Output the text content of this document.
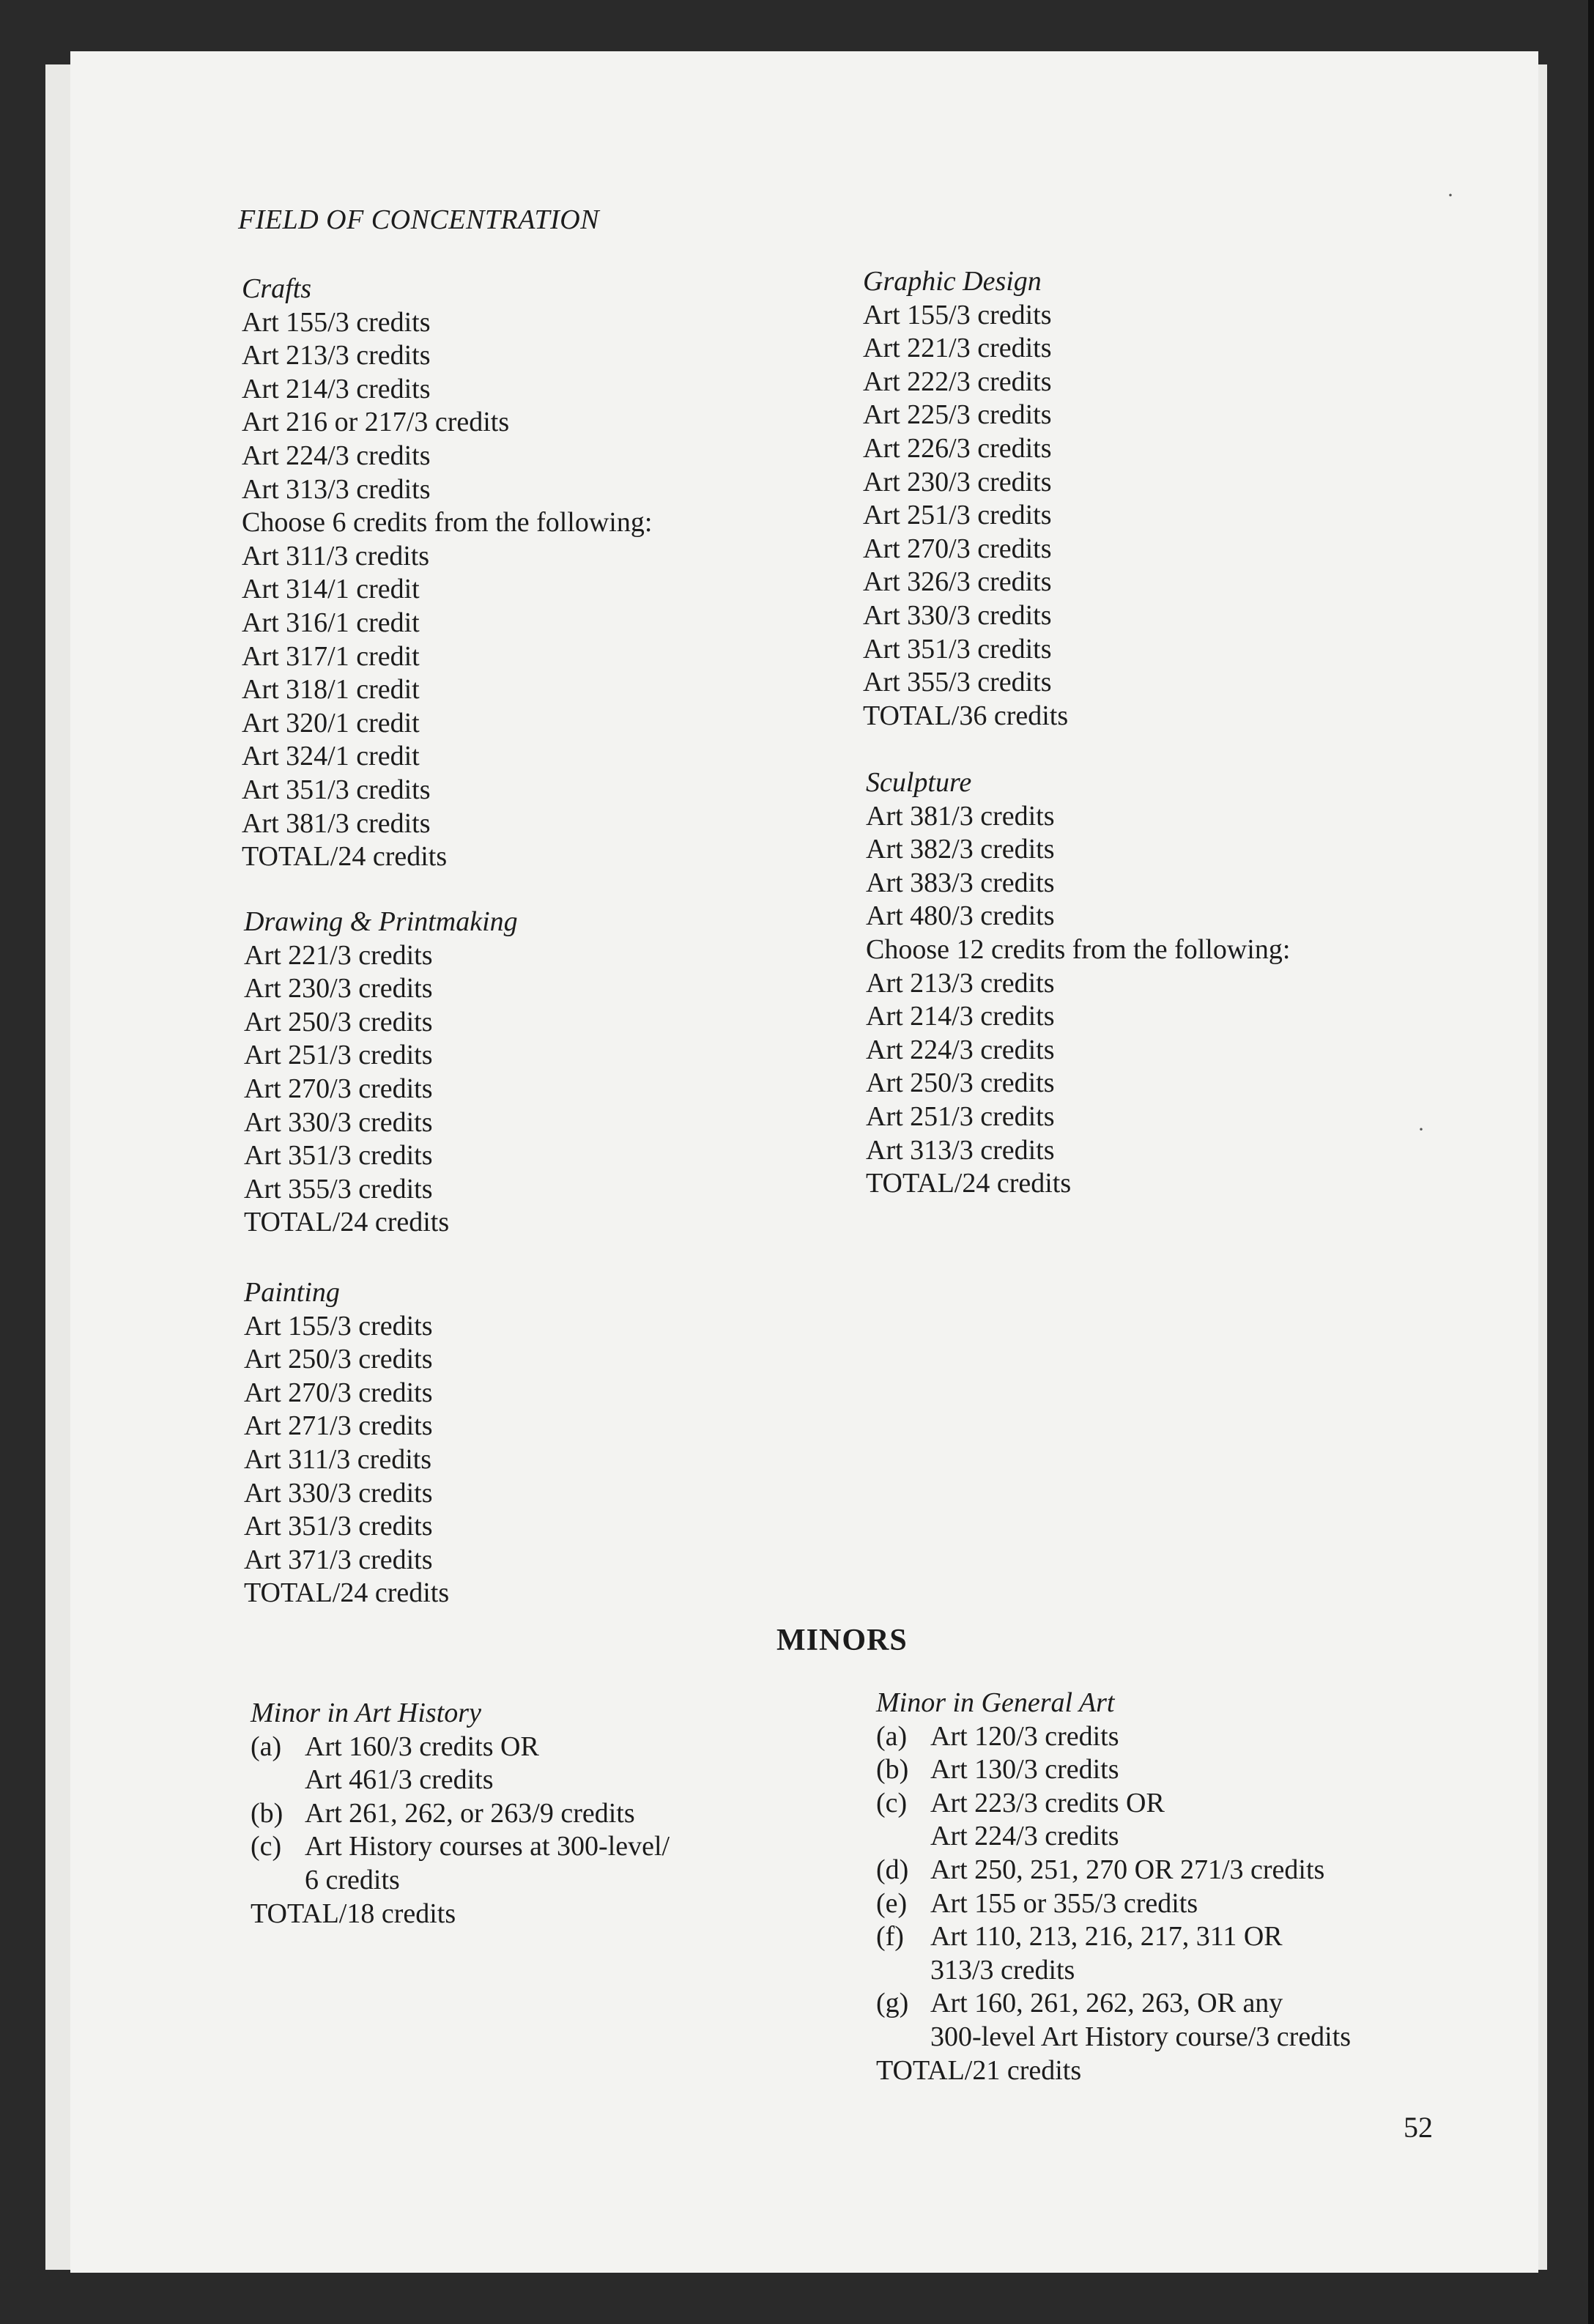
FIELD OF CONCENTRATION
Crafts
Art 155/3 credits
Art 213/3 credits
Art 214/3 credits
Art 216 or 217/3 credits
Art 224/3 credits
Art 313/3 credits
Choose 6 credits from the following:
Art 311/3 credits
Art 314/1 credit
Art 316/1 credit
Art 317/1 credit
Art 318/1 credit
Art 320/1 credit
Art 324/1 credit
Art 351/3 credits
Art 381/3 credits
TOTAL/24 credits
Drawing & Printmaking
Art 221/3 credits
Art 230/3 credits
Art 250/3 credits
Art 251/3 credits
Art 270/3 credits
Art 330/3 credits
Art 351/3 credits
Art 355/3 credits
TOTAL/24 credits
Painting
Art 155/3 credits
Art 250/3 credits
Art 270/3 credits
Art 271/3 credits
Art 311/3 credits
Art 330/3 credits
Art 351/3 credits
Art 371/3 credits
TOTAL/24 credits
Graphic Design
Art 155/3 credits
Art 221/3 credits
Art 222/3 credits
Art 225/3 credits
Art 226/3 credits
Art 230/3 credits
Art 251/3 credits
Art 270/3 credits
Art 326/3 credits
Art 330/3 credits
Art 351/3 credits
Art 355/3 credits
TOTAL/36 credits
Sculpture
Art 381/3 credits
Art 382/3 credits
Art 383/3 credits
Art 480/3 credits
Choose 12 credits from the following:
Art 213/3 credits
Art 214/3 credits
Art 224/3 credits
Art 250/3 credits
Art 251/3 credits
Art 313/3 credits
TOTAL/24 credits
MINORS
Minor in Art History
(a) Art 160/3 credits OR
Art 461/3 credits
(b) Art 261, 262, or 263/9 credits
(c) Art History courses at 300-level/
6 credits
TOTAL/18 credits
Minor in General Art
(a) Art 120/3 credits
(b) Art 130/3 credits
(c) Art 223/3 credits OR
Art 224/3 credits
(d) Art 250, 251, 270 OR 271/3 credits
(e) Art 155 or 355/3 credits
(f) Art 110, 213, 216, 217, 311 OR
313/3 credits
(g) Art 160, 261, 262, 263, OR any
300-level Art History course/3 credits
TOTAL/21 credits
52
·
·
